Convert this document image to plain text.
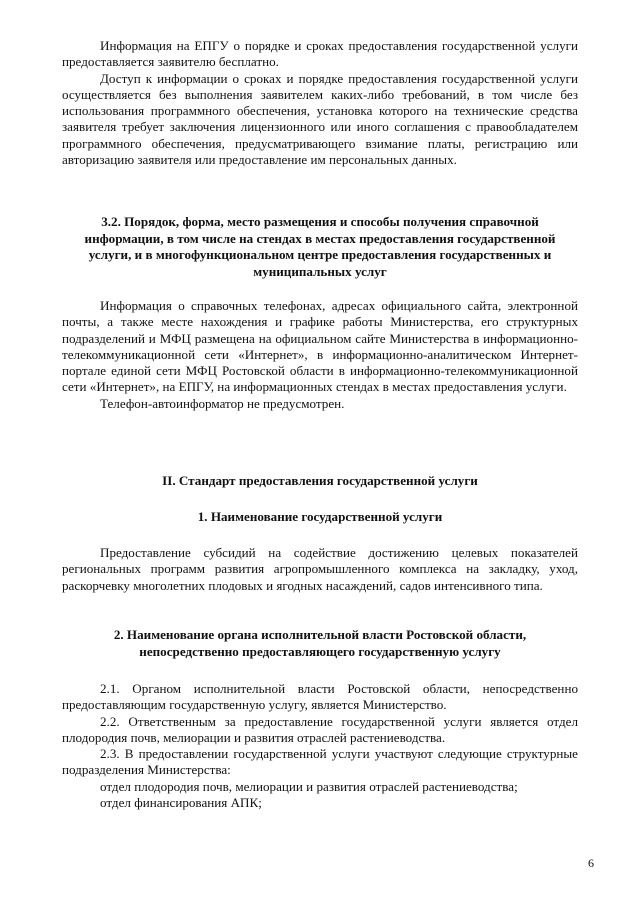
Информация на ЕПГУ о порядке и сроках предоставления государственной услуги предоставляется заявителю бесплатно.

Доступ к информации о сроках и порядке предоставления государственной услуги осуществляется без выполнения заявителем каких-либо требований, в том числе без использования программного обеспечения, установка которого на технические средства заявителя требует заключения лицензионного или иного соглашения с правообладателем программного обеспечения, предусматривающего взимание платы, регистрацию или авторизацию заявителя или предоставление им персональных данных.

3.2. Порядок, форма, место размещения и способы получения справочной информации, в том числе на стендах в местах предоставления государственной услуги, и в многофункциональном центре предоставления государственных и муниципальных услуг

Информация о справочных телефонах, адресах официального сайта, электронной почты, а также месте нахождения и графике работы Министерства, его структурных подразделений и МФЦ размещена на официальном сайте Министерства в информационно-телекоммуникационной сети «Интернет», в информационно-аналитическом Интернет-портале единой сети МФЦ Ростовской области в информационно-телекоммуникационной сети «Интернет», на ЕПГУ, на информационных стендах в местах предоставления услуги.

Телефон-автоинформатор не предусмотрен.

II. Стандарт предоставления государственной услуги

1. Наименование государственной услуги

Предоставление субсидий на содействие достижению целевых показателей региональных программ развития агропромышленного комплекса на закладку, уход, раскорчевку многолетних плодовых и ягодных насаждений, садов интенсивного типа.

2. Наименование органа исполнительной власти Ростовской области, непосредственно предоставляющего государственную услугу

2.1. Органом исполнительной власти Ростовской области, непосредственно предоставляющим государственную услугу, является Министерство.

2.2. Ответственным за предоставление государственной услуги является отдел плодородия почв, мелиорации и развития отраслей растениеводства.

2.3. В предоставлении государственной услуги участвуют следующие структурные подразделения Министерства:

отдел плодородия почв, мелиорации и развития отраслей растениеводства;

отдел финансирования АПК;

6
